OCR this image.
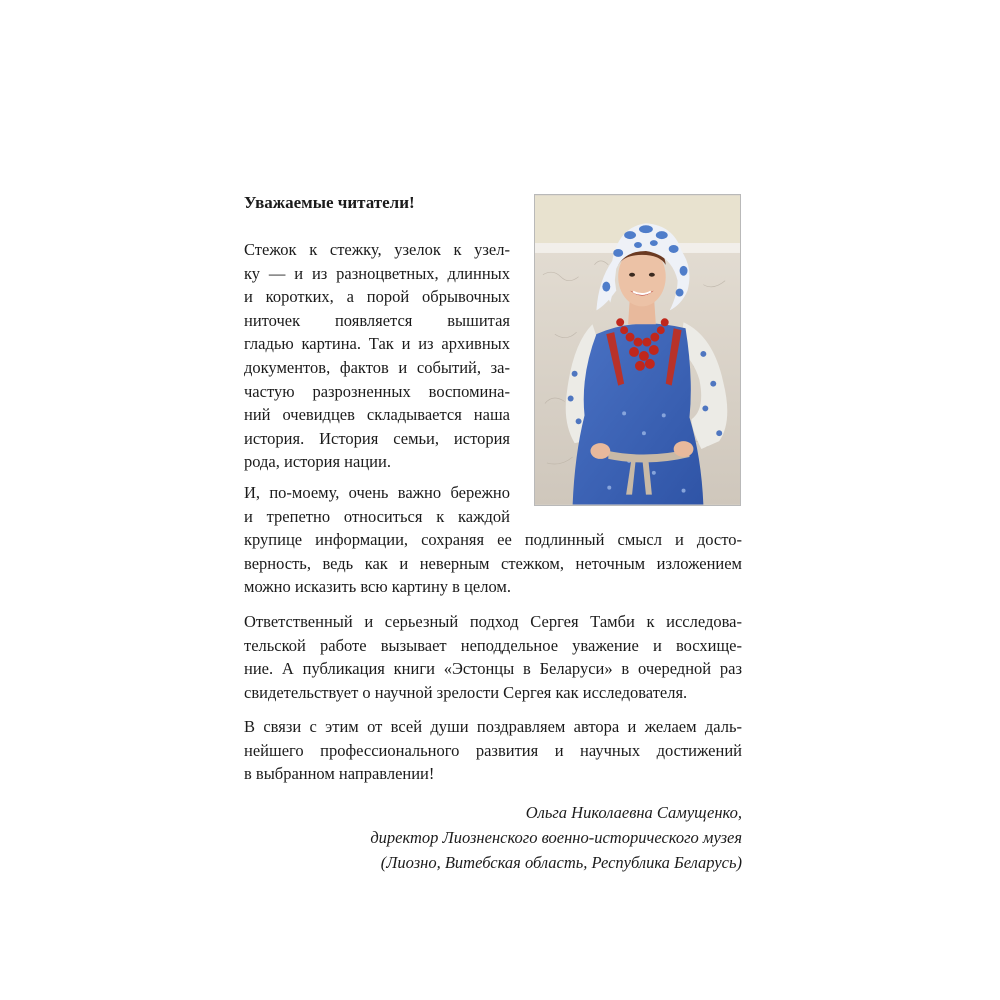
Уважаемые читатели!
Стежок к стежку, узелок к узел-
ку — и из разноцветных, длинных
и коротких, а порой обрывочных
ниточек появляется вышитая
гладью картина. Так и из архивных
документов, фактов и событий, за-
частую разрозненных воспомина-
ний очевидцев складывается наша
история. История семьи, история
рода, история нации.
И, по-моему, очень важно бережно
и трепетно относиться к каждой
крупице информации, сохраняя ее подлинный смысл и досто-
верность, ведь как и неверным стежком, неточным изложением
можно исказить всю картину в целом.
Ответственный и серьезный подход Сергея Тамби к исследова-
тельской работе вызывает неподдельное уважение и восхище-
ние. А публикация книги «Эстонцы в Беларуси» в очередной раз
свидетельствует о научной зрелости Сергея как исследователя.
В связи с этим от всей души поздравляем автора и желаем даль-
нейшего профессионального развития и научных достижений
в выбранном направлении!
Ольга Николаевна Самущенко,
директор Лиозненского военно-исторического музея
(Лиозно, Витебская область, Республика Беларусь)
